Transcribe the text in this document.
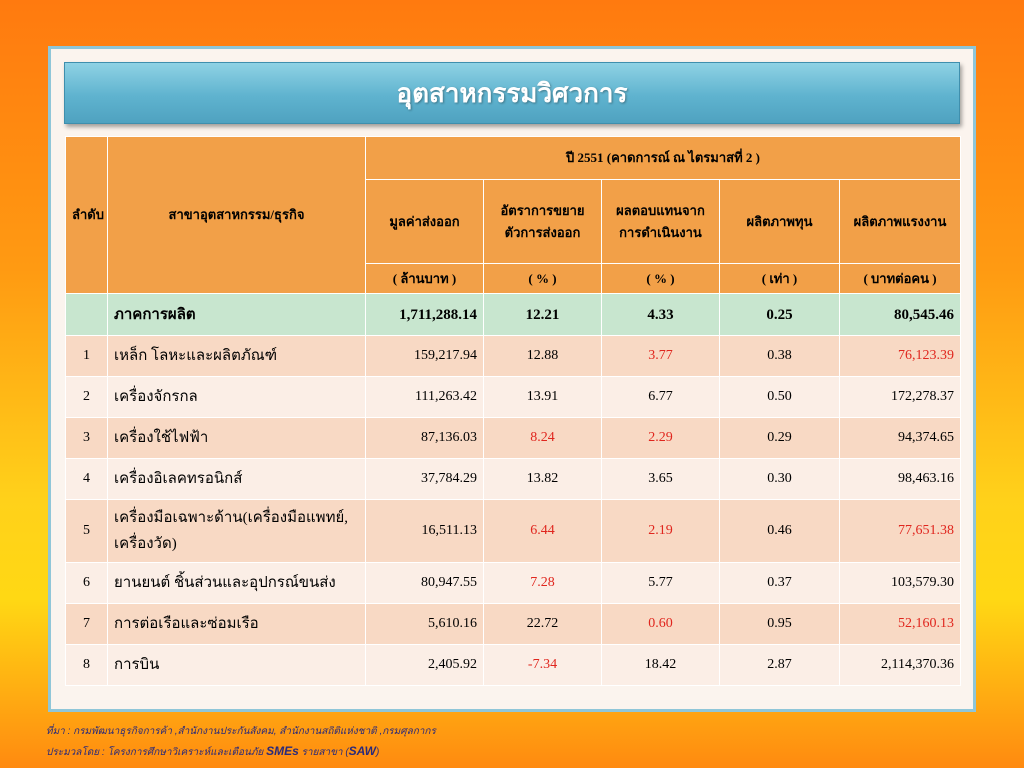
อุตสาหกรรมวิศวการ
ลำดับ	สาขาอุตสาหกรรม/ธุรกิจ	ปี 2551 (คาดการณ์ ณ ไตรมาสที่ 2 )				
		มูลค่าส่งออก	อัตราการขยายตัวการส่งออก	ผลตอบแทนจากการดำเนินงาน	ผลิตภาพทุน	ผลิตภาพแรงงาน
		( ล้านบาท )	( % )	( % )	( เท่า )	( บาทต่อคน )
	ภาคการผลิต	1,711,288.14	12.21	4.33	0.25	80,545.46
1	เหล็ก โลหะและผลิตภัณฑ์	159,217.94	12.88	3.77	0.38	76,123.39
2	เครื่องจักรกล	111,263.42	13.91	6.77	0.50	172,278.37
3	เครื่องใช้ไฟฟ้า	87,136.03	8.24	2.29	0.29	94,374.65
4	เครื่องอิเลคทรอนิกส์	37,784.29	13.82	3.65	0.30	98,463.16
5	เครื่องมือเฉพาะด้าน(เครื่องมือแพทย์, เครื่องวัด)	16,511.13	6.44	2.19	0.46	77,651.38
6	ยานยนต์ ชิ้นส่วนและอุปกรณ์ขนส่ง	80,947.55	7.28	5.77	0.37	103,579.30
7	การต่อเรือและซ่อมเรือ	5,610.16	22.72	0.60	0.95	52,160.13
8	การบิน	2,405.92	-7.34	18.42	2.87	2,114,370.36
ที่มา : กรมพัฒนาธุรกิจการค้า ,สำนักงานประกันสังคม, สำนักงานสถิติแห่งชาติ ,กรมศุลกากร
ประมวลโดย : โครงการศึกษาวิเคราะห์และเตือนภัย SMEs รายสาขา (SAW)
